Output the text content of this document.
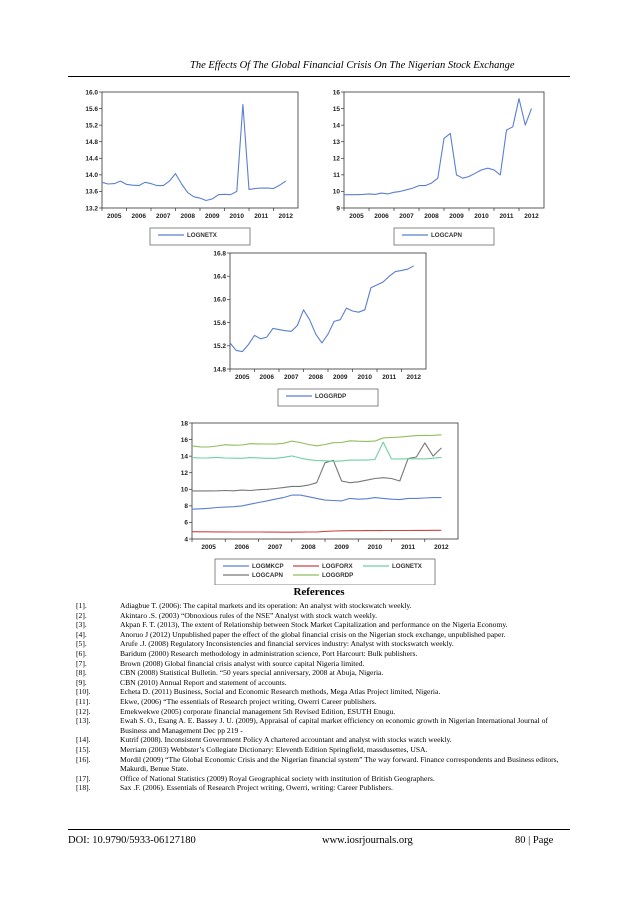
The Effects Of The Global Financial Crisis On The Nigerian Stock Exchange
13.2
13.6
14.0
14.4
14.8
15.2
15.6
16.0
2005 2006 2007 2008 2009 2010 2011 2012
LOGNETX
9
10
11
12
13
14
15
16
2005 2006 2007 2008 2009 2010 2011 2012
LOGCAPN
14.8
15.2
15.6
16.0
16.4
16.8
2005 2006 2007 2008 2009 2010 2011 2012
LOGGRDP
4
6
8
10
12
14
16
18
2005	2006	2007	2008	2009	2010	2011	2012
LOGMKCP	LOGFORX	LOGNETX
LOGCAPN	LOGGRDP
References
[1].	Adiagbue T. (2006): The capital markets and its operation: An analyst with stockswatch weekly.
[2].	Akintaro .S. (2003) “Obnoxious rules of the NSE” Analyst with stock watch weekly.
[3].	Akpan F. T. (2013), The extent of Relationship between Stock Market Capitalization and performance on the Nigeria Economy.
[4].	Anoruo J (2012) Unpublished paper the effect of the global financial crisis on the Nigerian stock exchange, unpublished paper.
[5].	Arufe .J. (2008) Regulatory Inconsistencies and financial services industry: Analyst with stockswatch weekly.
[6].	Baridum (2000) Research methodology in administration science, Port Harcourt: Bulk publishers.
[7].	Brown (2008) Global financial crisis analyst with source capital Nigeria limited.
[8].	CBN (2008) Statistical Bulletin. “50 years special anniversary, 2008 at Abuja, Nigeria.
[9].	CBN (2010) Annual Report and statement of accounts.
[10].	Echeta D. (2011) Business, Social and Economic Research methods, Mega Atlas Project limited, Nigeria.
[11].	Ekwe, (2006) “The essentials of Research project writing, Owerri Career publishers.
[12].	Emekwekwe (2005) corporate financial management 5th Revised Edition, ESUTH Enugu.
[13].	Ewah S. O., Esang A. E. Bassey J. U. (2009), Appraisal of capital market efficiency on economic growth in Nigerian International Journal of Business and Management Dec pp 219 -
[14].	Kutrif (2008). Inconsistent Government Policy A chartered accountant and analyst with stocks watch weekly.
[15].	Merriam (2003) Webbster’s Collegiate Dictionary: Eleventh Edition Springfield, massdusettes, USA.
[16].	Mordil (2009) “The Global Economic Crisis and the Nigerian financial system” The way forward. Finance correspondents and Business editors, Makurdi, Benue State.
[17].	Office of National Statistics (2009) Royal Geographical society with institution of British Geographers.
[18].	Sax .F. (2006). Essentials of Research Project writing, Owerri, writing: Career Publishers.
DOI: 10.9790/5933-06127180	www.iosrjournals.org	80 | Page
